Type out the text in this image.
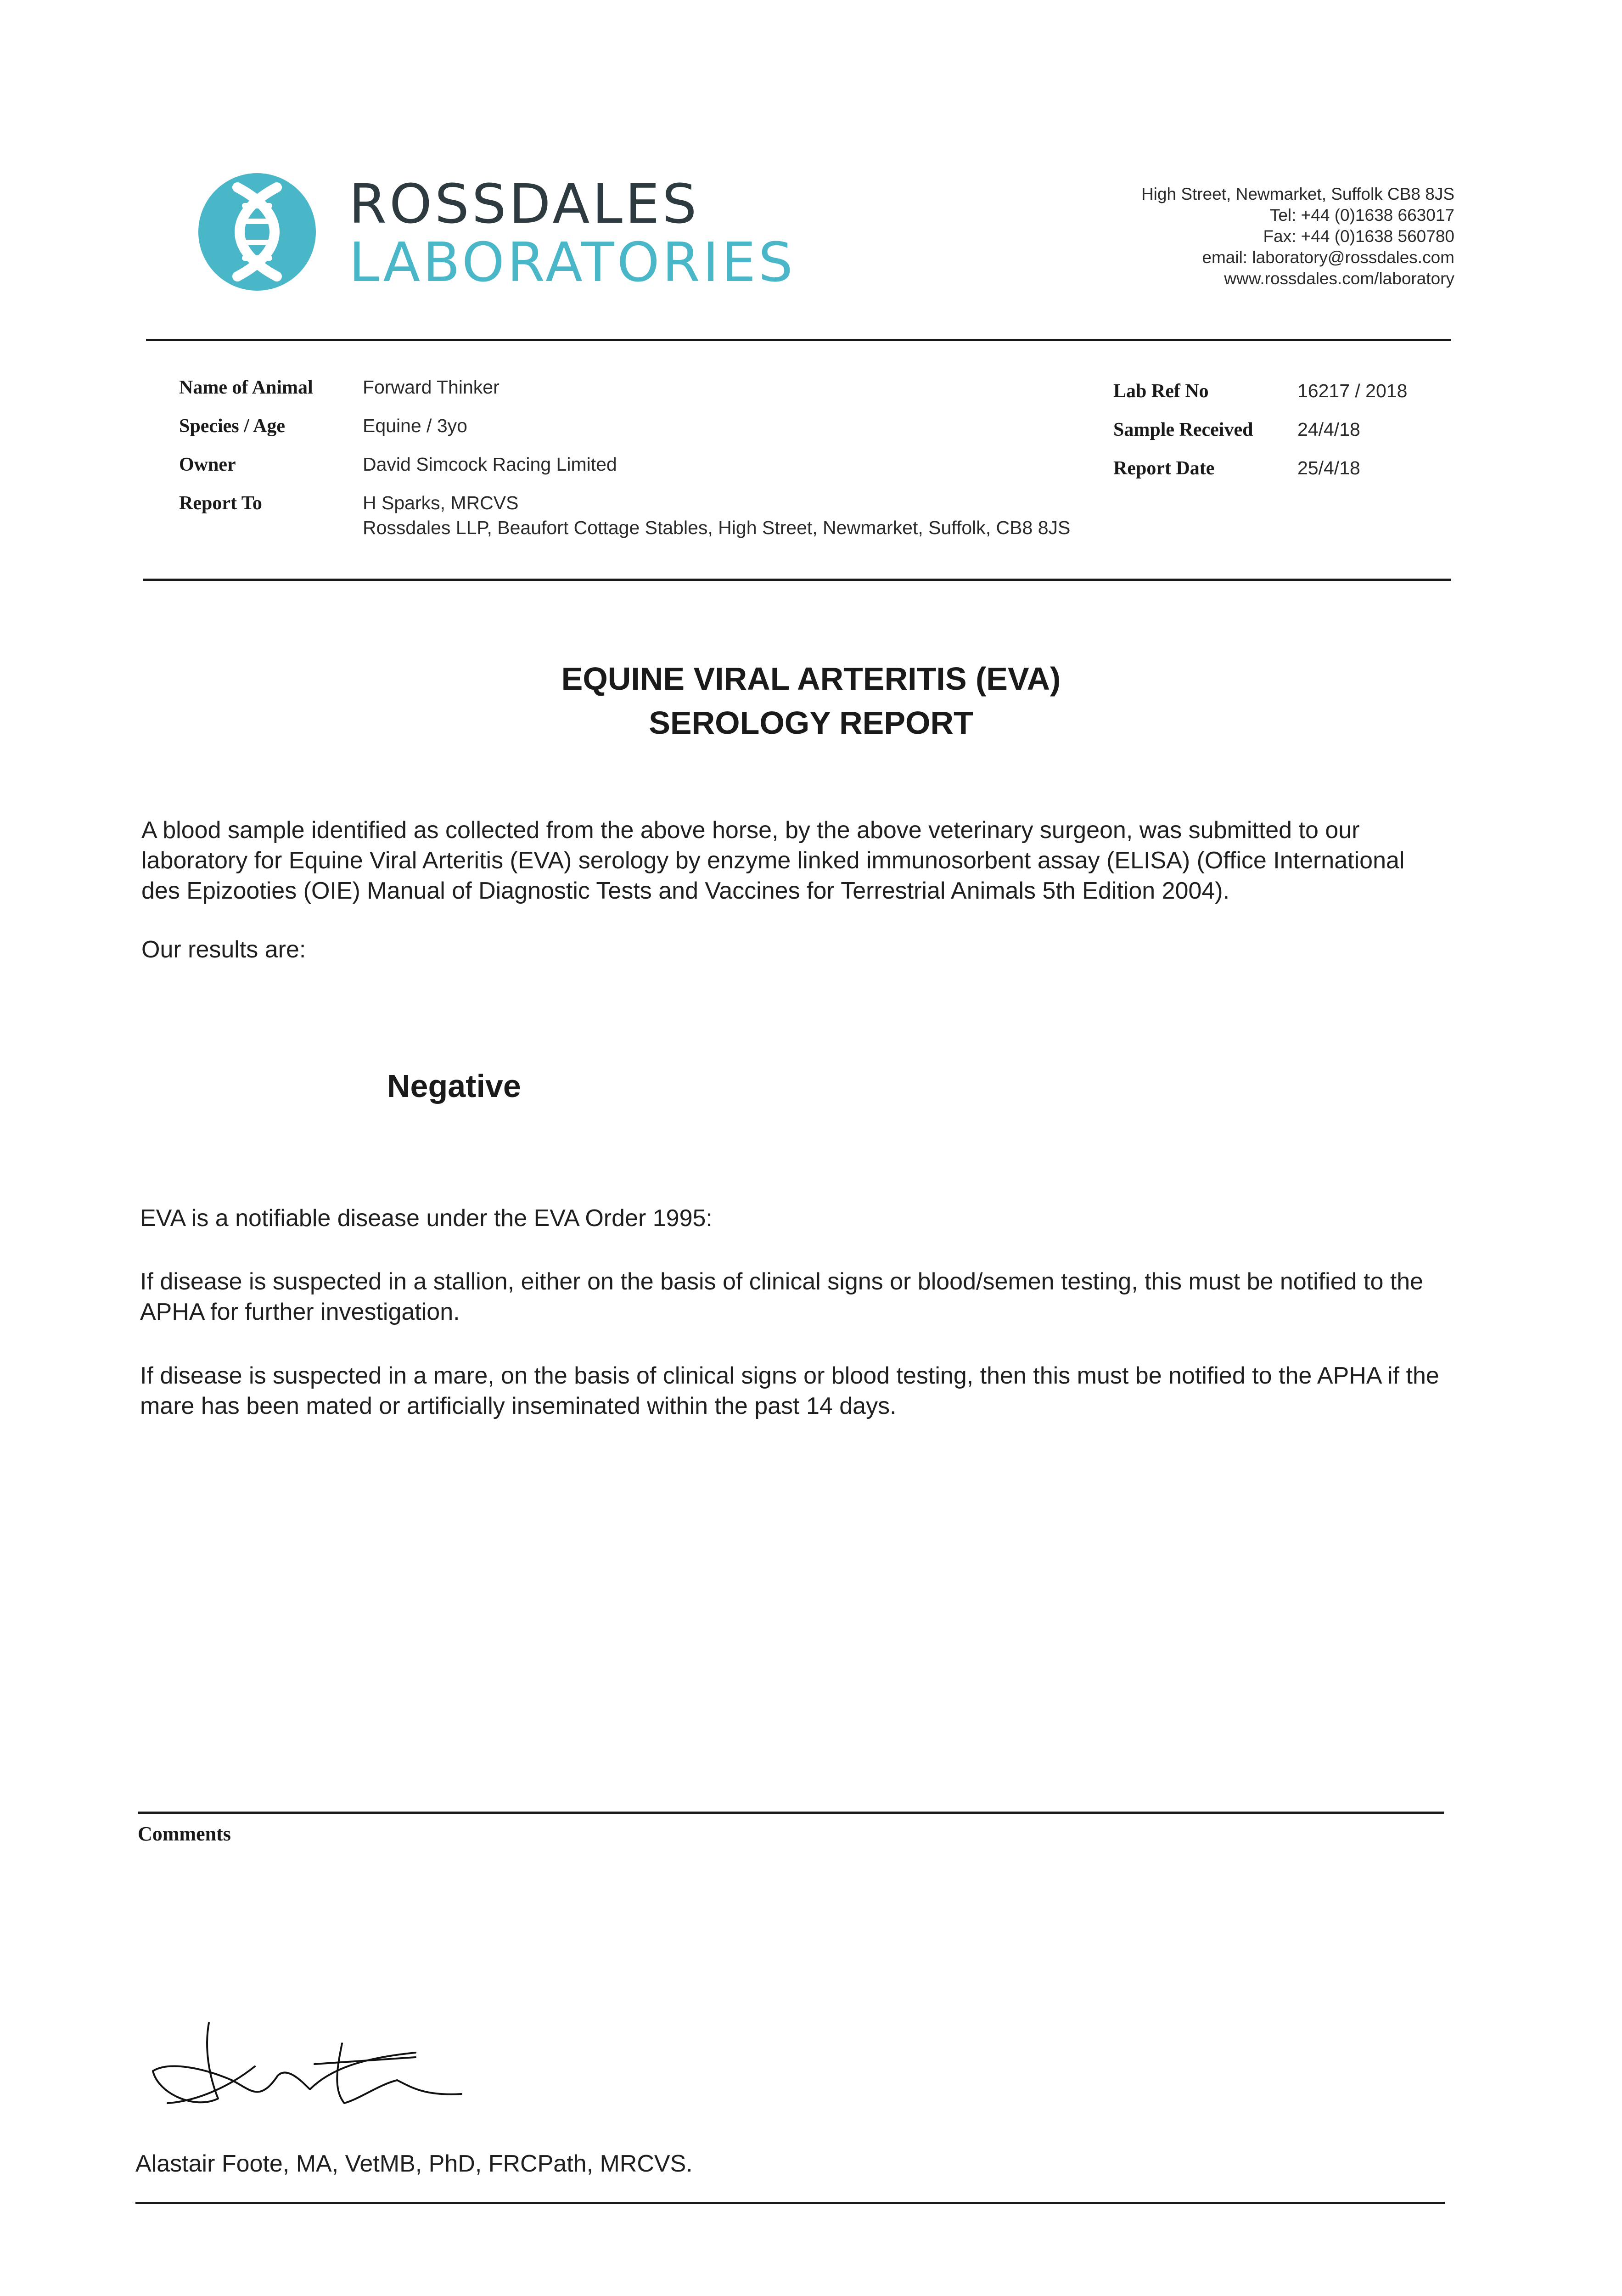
ROSSDALES
LABORATORIES
High Street, Newmarket, Suffolk CB8 8JS
Tel: +44 (0)1638 663017
Fax: +44 (0)1638 560780
email: laboratory@rossdales.com
www.rossdales.com/laboratory
Name of Animal	Forward Thinker
Species / Age	Equine / 3yo
Owner	David Simcock Racing Limited
Report To	H Sparks, MRCVS
Rossdales LLP, Beaufort Cottage Stables, High Street, Newmarket, Suffolk, CB8 8JS
Lab Ref No	16217 / 2018
Sample Received 24/4/18
Report Date	25/4/18
EQUINE VIRAL ARTERITIS (EVA)
SEROLOGY REPORT
A blood sample identified as collected from the above horse, by the above veterinary surgeon, was submitted to our laboratory for Equine Viral Arteritis (EVA) serology by enzyme linked immunosorbent assay (ELISA) (Office International des Epizooties (OIE) Manual of Diagnostic Tests and Vaccines for Terrestrial Animals 5th Edition 2004).
Our results are:
Negative
EVA is a notifiable disease under the EVA Order 1995:
If disease is suspected in a stallion, either on the basis of clinical signs or blood/semen testing, this must be notified to the APHA for further investigation.
If disease is suspected in a mare, on the basis of clinical signs or blood testing, then this must be notified to the APHA if the mare has been mated or artificially inseminated within the past 14 days.
Comments
Alastair Foote, MA, VetMB, PhD, FRCPath, MRCVS.
